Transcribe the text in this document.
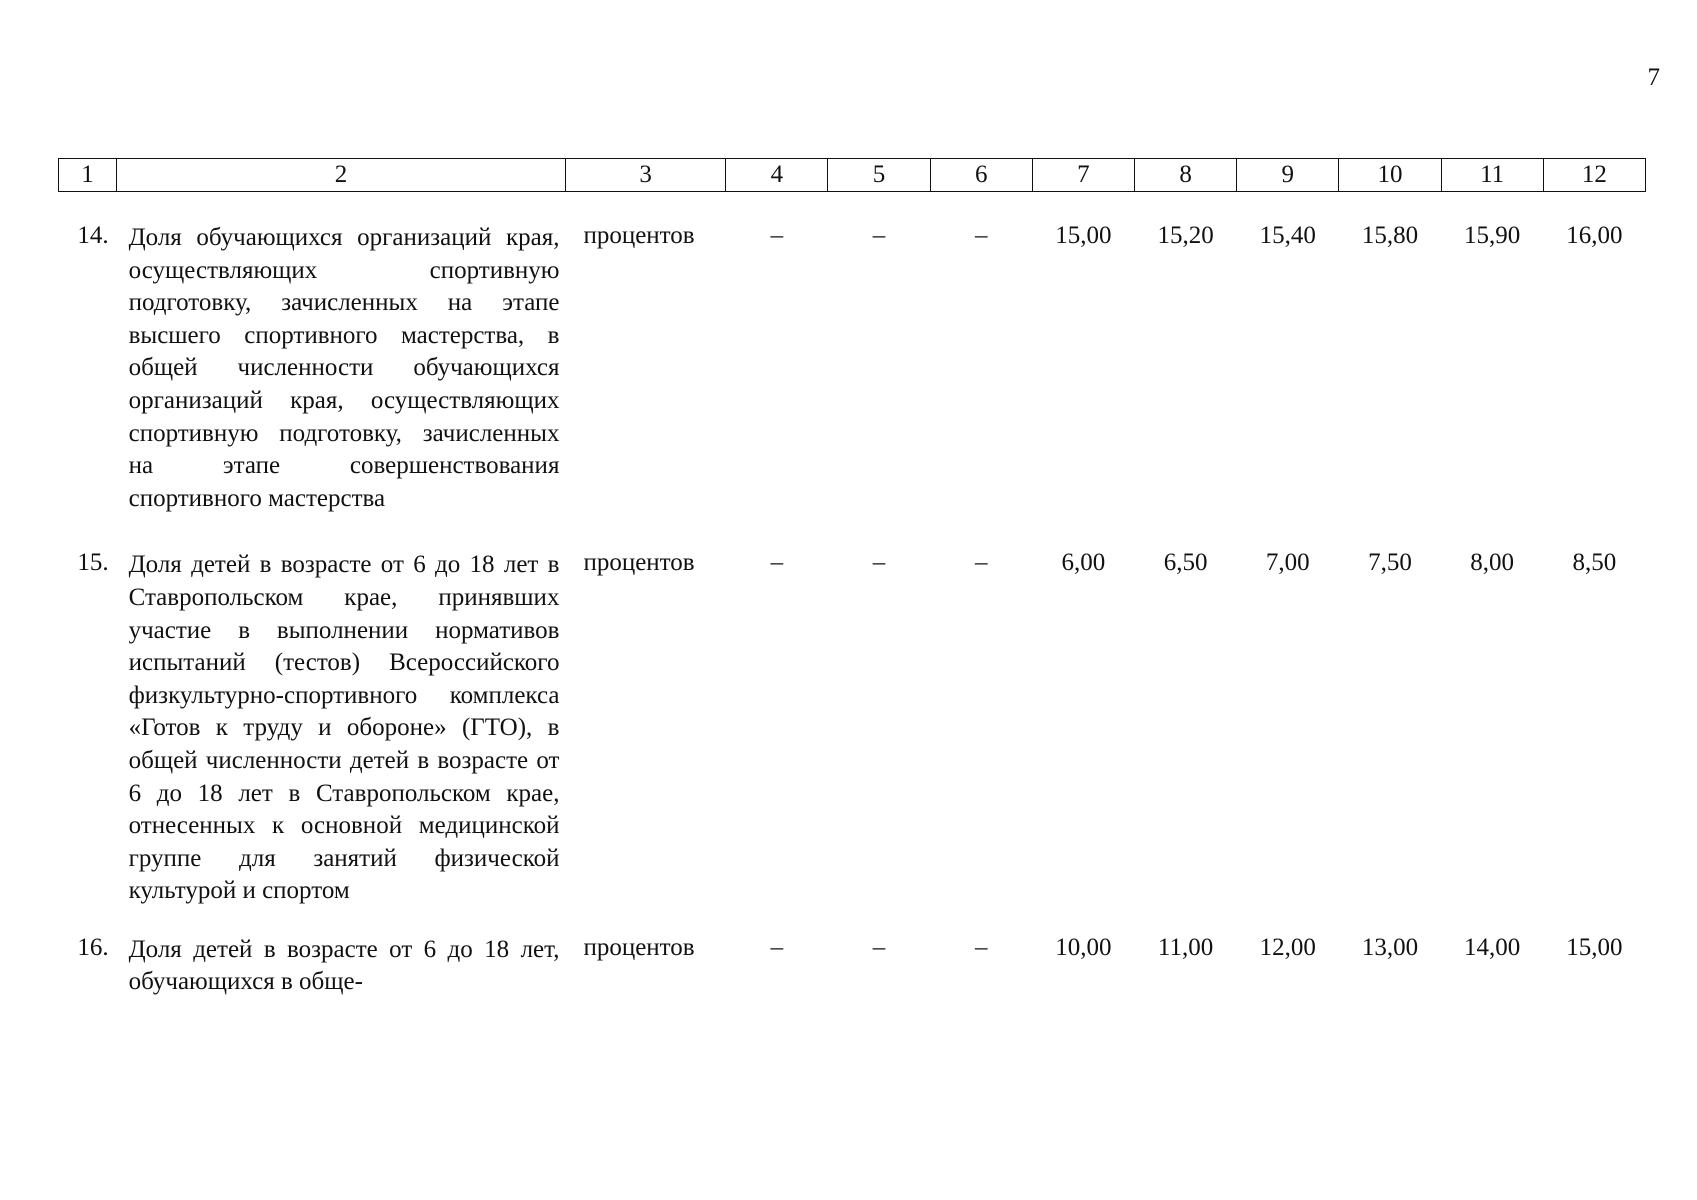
7
1	2	3	4	5	6	7	8	9	10	11	12
14.	Доля обучающихся организаций края, осуществляющих спортивную подготовку, зачисленных на этапе высшего спортивного мастерства, в общей численности обучающихся организаций края, осуществляющих спортивную подготовку, зачисленных на этапе совершенствования спортивного мастерства	процентов	–	–	–	15,00	15,20	15,40	15,80	15,90	16,00
15.	Доля детей в возрасте от 6 до 18 лет в Ставропольском крае, принявших участие в выполнении нормативов испытаний (тестов) Всероссийского физкультурно-спортивного комплекса «Готов к труду и обороне» (ГТО), в общей численности детей в возрасте от 6 до 18 лет в Ставропольском крае, отнесенных к основной медицинской группе для занятий физической культурой и спортом	процентов	–	–	–	6,00	6,50	7,00	7,50	8,00	8,50
16.	Доля детей в возрасте от 6 до 18 лет, обучающихся в обще-	процентов	–	–	–	10,00	11,00	12,00	13,00	14,00	15,00
